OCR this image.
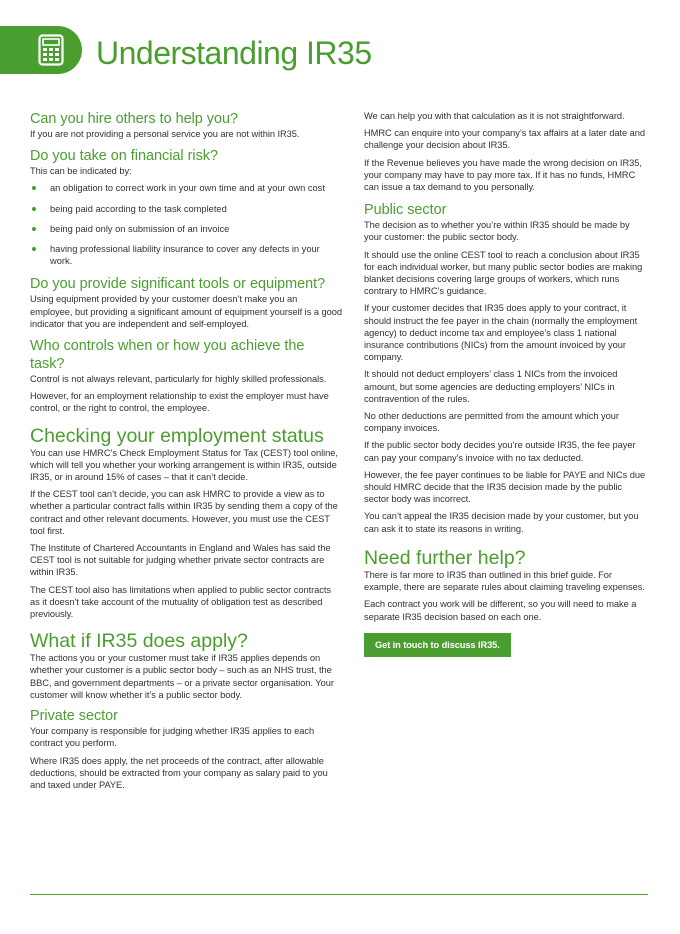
Understanding IR35
Can you hire others to help you?

If you are not providing a personal service you are not within IR35.

Do you take on financial risk?

This can be indicated by:

an obligation to correct work in your own time and at your own cost
being paid according to the task completed
being paid only on submission of an invoice
having professional liability insurance to cover any defects in your work.
Do you provide significant tools or equipment?

Using equipment provided by your customer doesn’t make you an employee, but providing a significant amount of equipment yourself is a good indicator that you are independent and self-employed.

Who controls when or how you achieve the task?

Control is not always relevant, particularly for highly skilled professionals.

However, for an employment relationship to exist the employer must have control, or the right to control, the employee.

Checking your employment status

You can use HMRC’s Check Employment Status for Tax (CEST) tool online, which will tell you whether your working arrangement is within IR35, outside IR35, or in around 15% of cases – that it can’t decide.

If the CEST tool can’t decide, you can ask HMRC to provide a view as to whether a particular contract falls within IR35 by sending them a copy of the contract and other relevant documents. However, you must use the CEST tool first.

The Institute of Chartered Accountants in England and Wales has said the CEST tool is not suitable for judging whether private sector contracts are within IR35.

The CEST tool also has limitations when applied to public sector contracts as it doesn’t take account of the mutuality of obligation test as described previously.

What if IR35 does apply?

The actions you or your customer must take if IR35 applies depends on whether your customer is a public sector body – such as an NHS trust, the BBC, and government departments – or a private sector organisation. Your customer will know whether it’s a public sector body.

Private sector

Your company is responsible for judging whether IR35 applies to each contract you perform.

Where IR35 does apply, the net proceeds of the contract, after allowable deductions, should be extracted from your company as salary paid to you and taxed under PAYE.

We can help you with that calculation as it is not straightforward.

HMRC can enquire into your company’s tax affairs at a later date and challenge your decision about IR35.

If the Revenue believes you have made the wrong decision on IR35, your company may have to pay more tax. If it has no funds, HMRC can issue a tax demand to you personally.

Public sector

The decision as to whether you’re within IR35 should be made by your customer: the public sector body.

It should use the online CEST tool to reach a conclusion about IR35 for each individual worker, but many public sector bodies are making blanket decisions covering large groups of workers, which runs contrary to HMRC’s guidance.

If your customer decides that IR35 does apply to your contract, it should instruct the fee payer in the chain (normally the employment agency) to deduct income tax and employee’s class 1 national insurance contributions (NICs) from the amount invoiced by your company.

It should not deduct employers’ class 1 NICs from the invoiced amount, but some agencies are deducting employers’ NICs in contravention of the rules.

No other deductions are permitted from the amount which your company invoices.

If the public sector body decides you’re outside IR35, the fee payer can pay your company’s invoice with no tax deducted.

However, the fee payer continues to be liable for PAYE and NICs due should HMRC decide that the IR35 decision made by the public sector body was incorrect.

You can’t appeal the IR35 decision made by your customer, but you can ask it to state its reasons in writing.

Need further help?

There is far more to IR35 than outlined in this brief guide. For example, there are separate rules about claiming traveling expenses.

Each contract you work will be different, so you will need to make a separate IR35 decision based on each one.

Get in touch to discuss IR35.
